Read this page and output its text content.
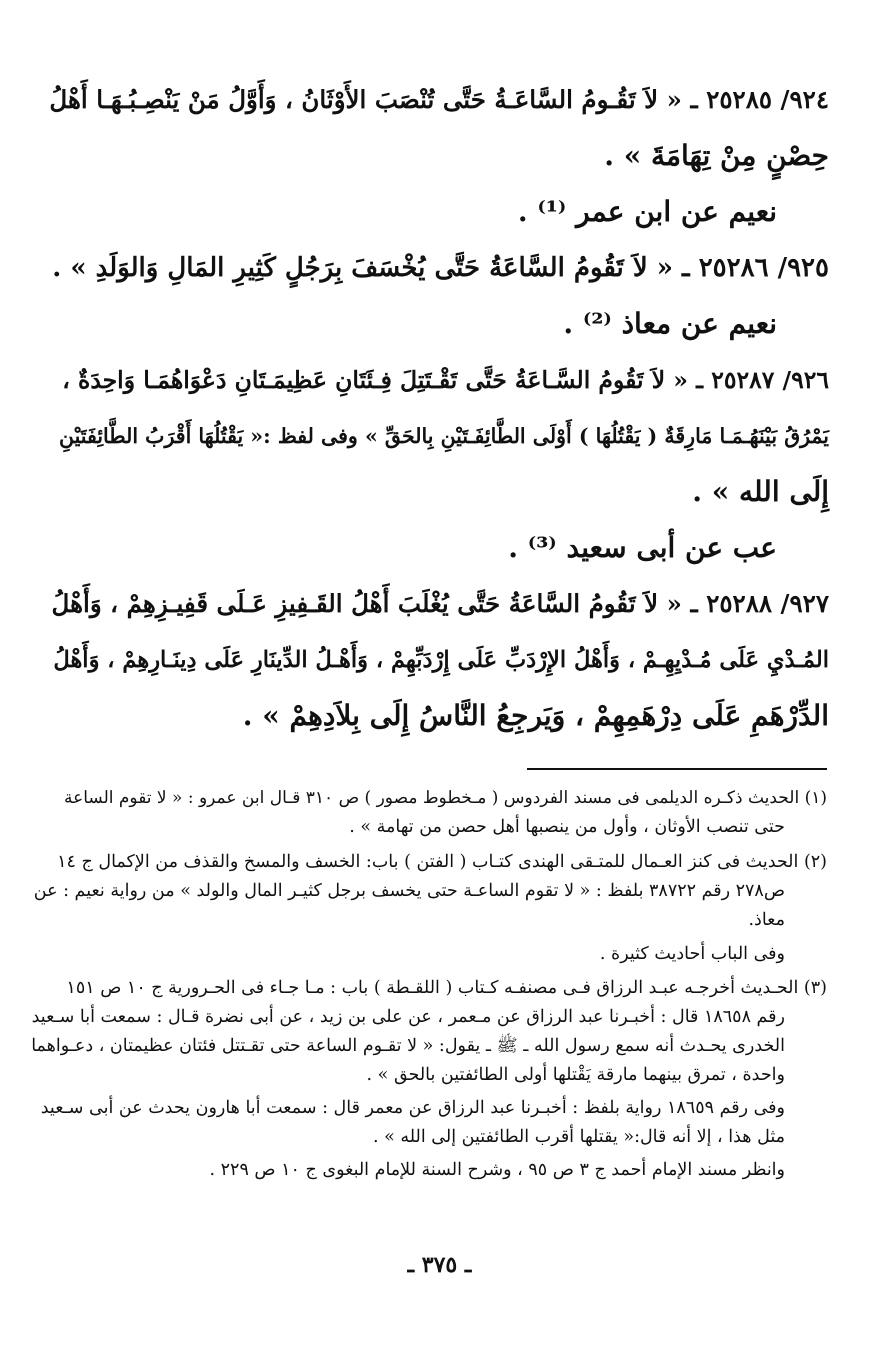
٩٢٤/ ٢٥٢٨٥ ـ « لاَ تَقُـومُ السَّاعَـةُ حَتَّى تُنْصَبَ الأَوْثَانُ ، وَأَوَّلُ مَنْ يَنْصِـبُـهَـا أَهْلُ
حِصْنٍ مِنْ تِهَامَةَ » .
نعيم عن ابن عمر ⁽¹⁾ .
٩٢٥/ ٢٥٢٨٦ ـ « لاَ تَقُومُ السَّاعَةُ حَتَّى يُخْسَفَ بِرَجُلٍ كَثِيرِ المَالِ وَالوَلَدِ » .
نعيم عن معاذ ⁽²⁾ .
٩٢٦/ ٢٥٢٨٧ ـ « لاَ تَقُومُ السَّـاعَةُ حَتَّى تَقْـتَتِلَ فِـئَتَانِ عَظِيمَـتَانِ دَعْوَاهُمَـا وَاحِدَةٌ ،
يَمْرُقُ بَيْنَهُـمَـا مَارِقَةٌ ( يَقْتُلُهَا ) أَوْلَى الطَّائِفَـتَيْنِ بِالحَقِّ » وفى لفظ :« يَقْتُلُهَا أَقْرَبُ الطَّائِفَتَيْنِ
إِلَى الله » .
عب عن أبى سعيد ⁽³⁾ .
٩٢٧/ ٢٥٢٨٨ ـ « لاَ تَقُومُ السَّاعَةُ حَتَّى يُغْلَبَ أَهْلُ القَـفِيزِ عَـلَى قَفِيـزِهِمْ ، وَأَهْلُ
المُـدْيِ عَلَى مُـدْيِهِـمْ ، وَأَهْلُ الإِرْدَبِّ عَلَى إِرْدَبِّهِمْ ، وَأَهْـلُ الدِّينَارِ عَلَى دِينَـارِهِمْ ، وَأَهْلُ
الدِّرْهَمِ عَلَى دِرْهَمِهِمْ ، وَيَرجِعُ النَّاسُ إِلَى بِلاَدِهِمْ » .
(١) الحديث ذكـره الديلمى فى مسند الفردوس ( مـخطوط مصور ) ص ٣١٠ قـال ابن عمرو : « لا تقوم الساعة
حتى تنصب الأوثان ، وأول من ينصبها أهل حصن من تهامة » .
(٢) الحديث فى كنز العـمال للمتـقى الهندى كتـاب ( الفتن ) باب: الخسف والمسخ والقذف من الإكمال ج ١٤
ص٢٧٨ رقم ٣٨٧٢٢ بلفظ : « لا تقوم الساعـة حتى يخسف برجل كثيـر المال والولد » من رواية نعيم : عن
معاذ.
وفى الباب أحاديث كثيرة .
(٣) الحـديث أخرجـه عبـد الرزاق فـى مصنفـه كـتاب ( اللقـطة ) باب : مـا جـاء فى الحـرورية ج ١٠ ص ١٥١
رقم ١٨٦٥٨ قال : أخبـرنا عبد الرزاق عن مـعمر ، عن على بن زيد ، عن أبى نضرة قـال : سمعت أبا سـعيد
الخدرى يحـدث أنه سمع رسول الله ـ ﷺ ـ يقول: « لا تقـوم الساعة حتى تقـتتل فئتان عظيمتان ، دعـواهما
واحدة ، تمرق بينهما مارقة يَقْتلها أولى الطائفتين بالحق » .
وفى رقم ١٨٦٥٩ رواية بلفظ : أخبـرنا عبد الرزاق عن معمر قال : سمعت أبا هارون يحدث عن أبى سـعيد
مثل هذا ، إلا أنه قال:« يقتلها أقرب الطائفتين إلى الله » .
وانظر مسند الإمام أحمد ج ٣ ص ٩٥ ، وشرح السنة للإمام البغوى ج ١٠ ص ٢٢٩ .
ـ ٣٧٥ ـ
